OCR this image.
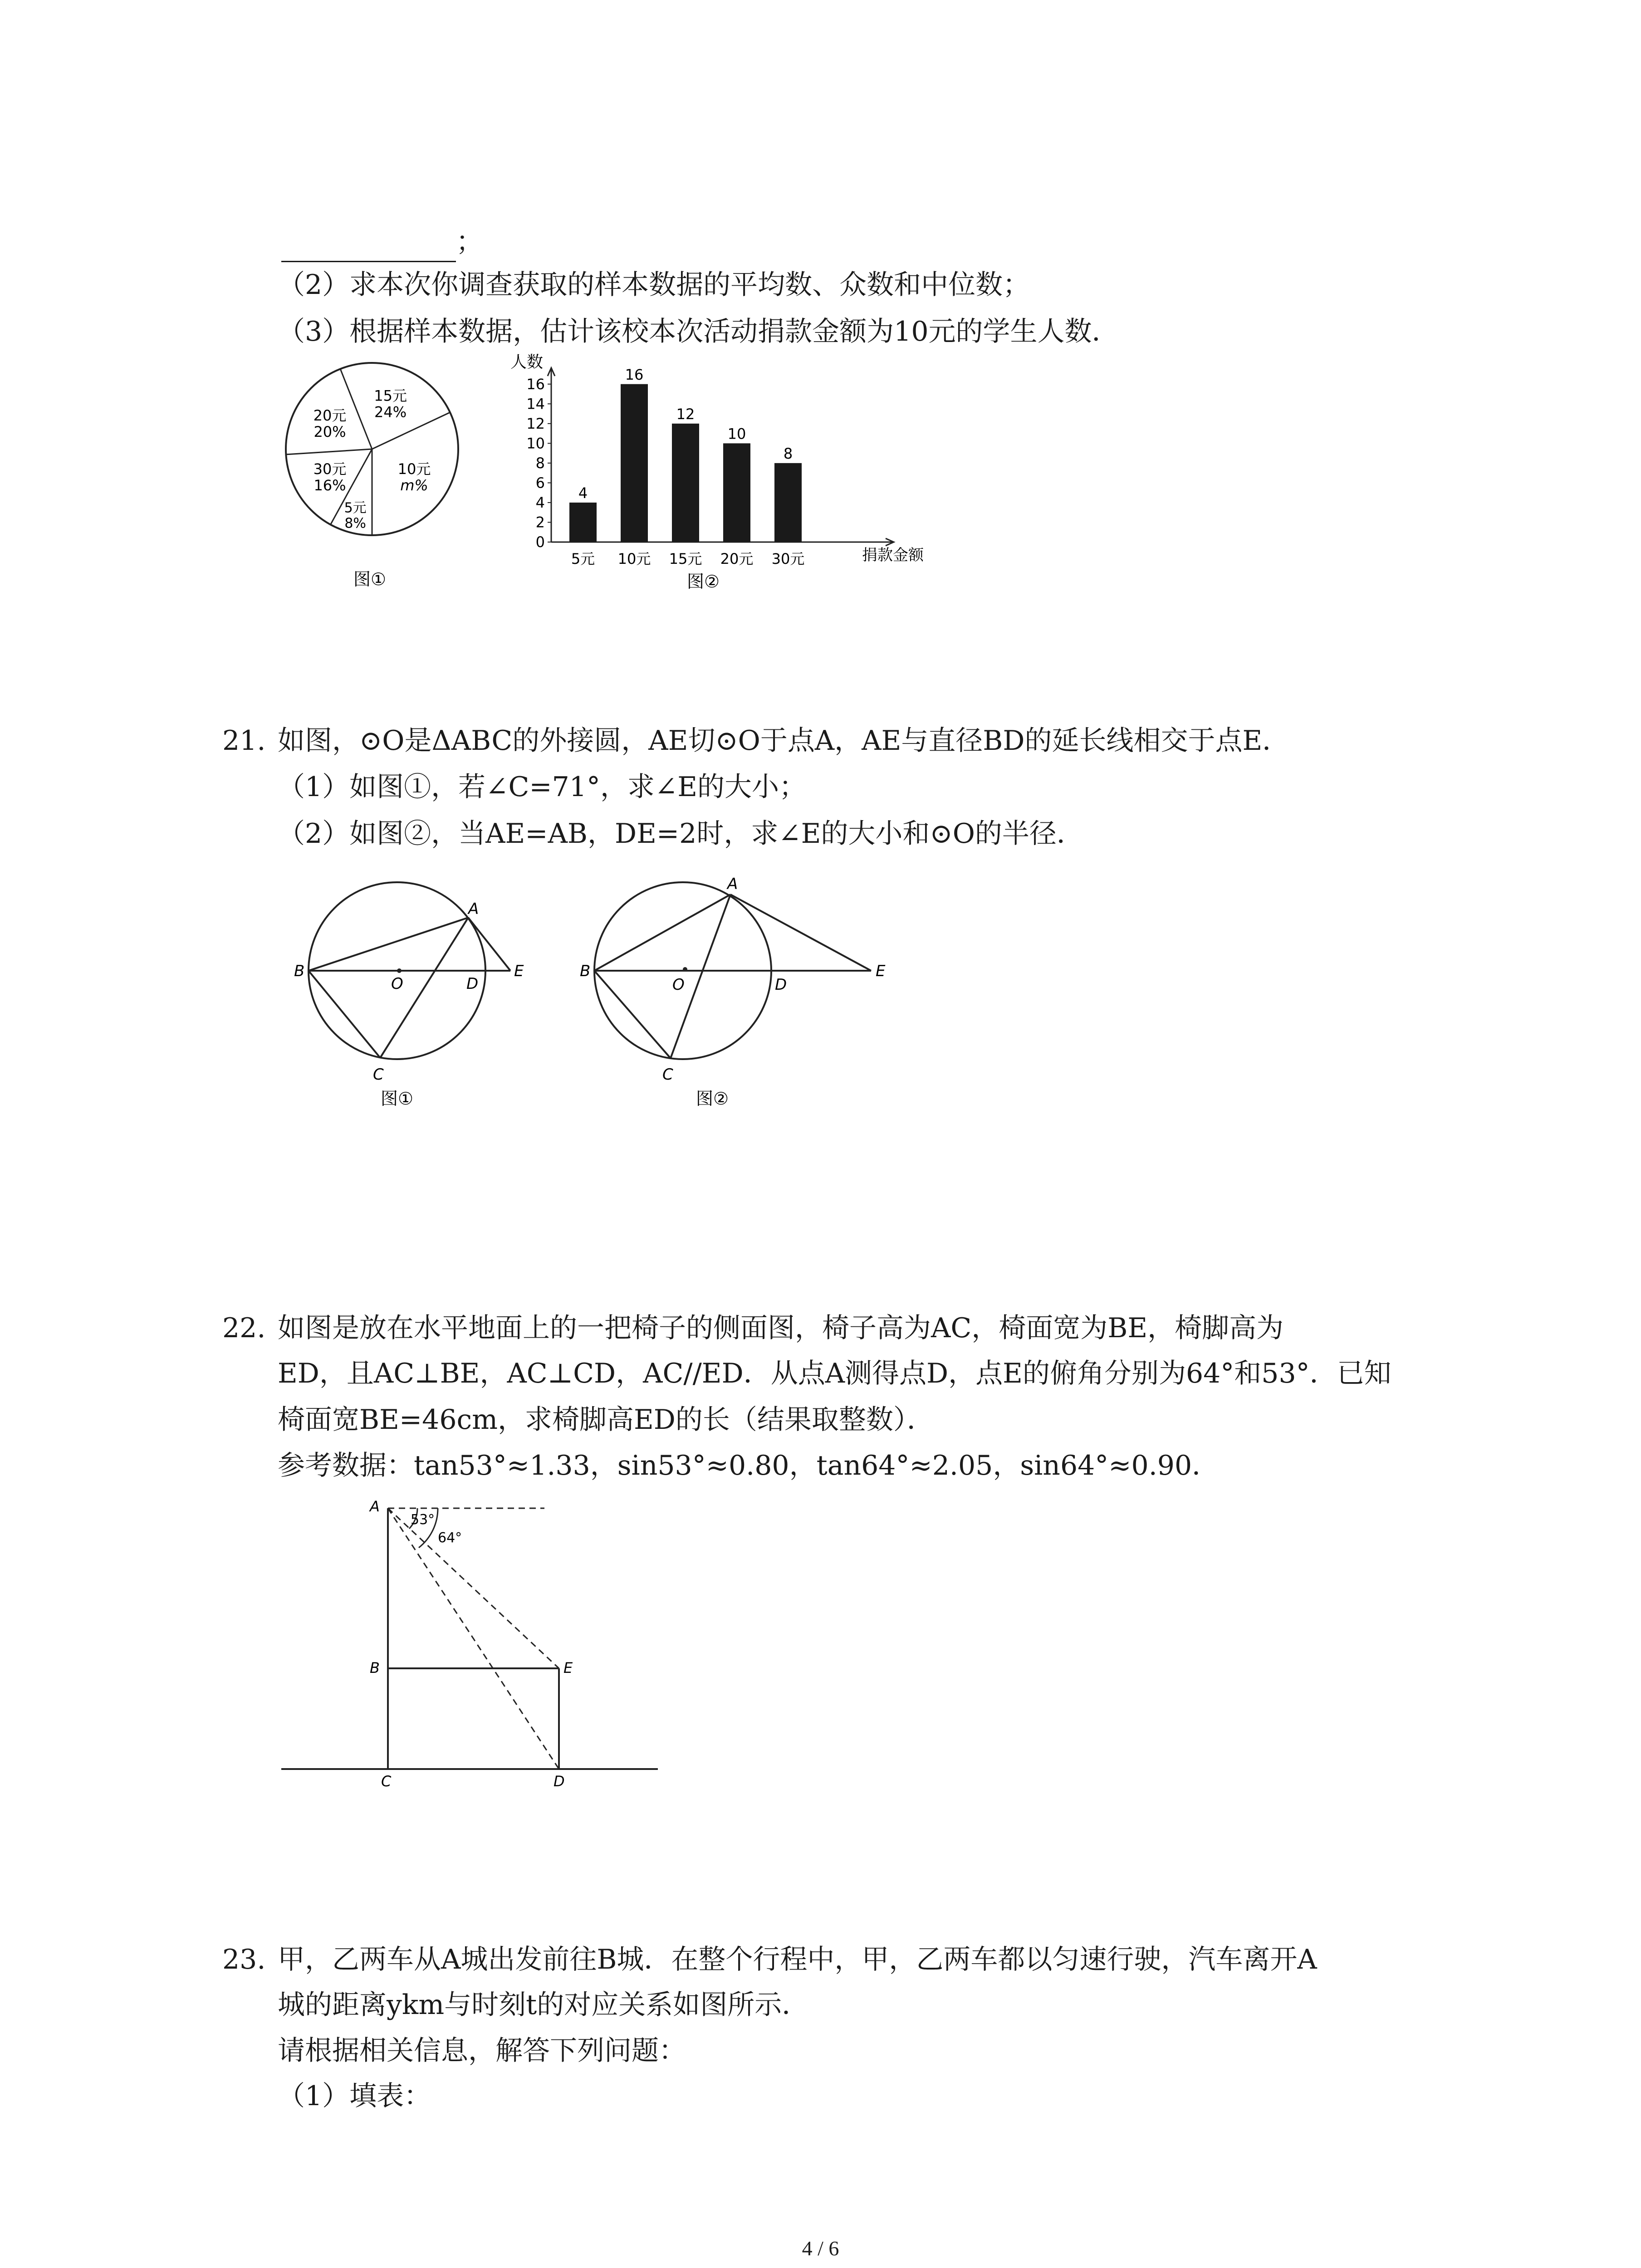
；
（2）求本次你调查获取的样本数据的平均数、众数和中位数；
（3）根据样本数据，估计该校本次活动捐款金额为10元的学生人数．
15元
24%
10元
m%
5元
8%
30元
16%
20元
20%
图①
0
2
4
6
8
10
12
14
16
4
5元
16
10元
12
15元
10
20元
8
30元
人数
捐款金额
图②
21. 如图，⊙O是ΔABC的外接圆，AE切⊙O于点A，AE与直径BD的延长线相交于点E．
（1）如图①，若∠C=71°，求∠E的大小；
（2）如图②，当AE=AB，DE=2时，求∠E的大小和⊙O的半径．
A
B
O	D
E
C
图①
A
B
O	D
E
C
图②
22. 如图是放在水平地面上的一把椅子的侧面图，椅子高为AC，椅面宽为BE，椅脚高为
ED，且AC⊥BE，AC⊥CD，AC//ED．从点A测得点D，点E的俯角分别为64°和53°．已知
椅面宽BE=46cm，求椅脚高ED的长（结果取整数）．
参考数据：tan53°≈1.33，sin53°≈0.80，tan64°≈2.05，sin64°≈0.90．
53°
64°
A
B	E
C	D
23. 甲，乙两车从A城出发前往B城．在整个行程中，甲，乙两车都以匀速行驶，汽车离开A
城的距离ykm与时刻t的对应关系如图所示．
请根据相关信息，解答下列问题：
（1）填表：
4 / 6
